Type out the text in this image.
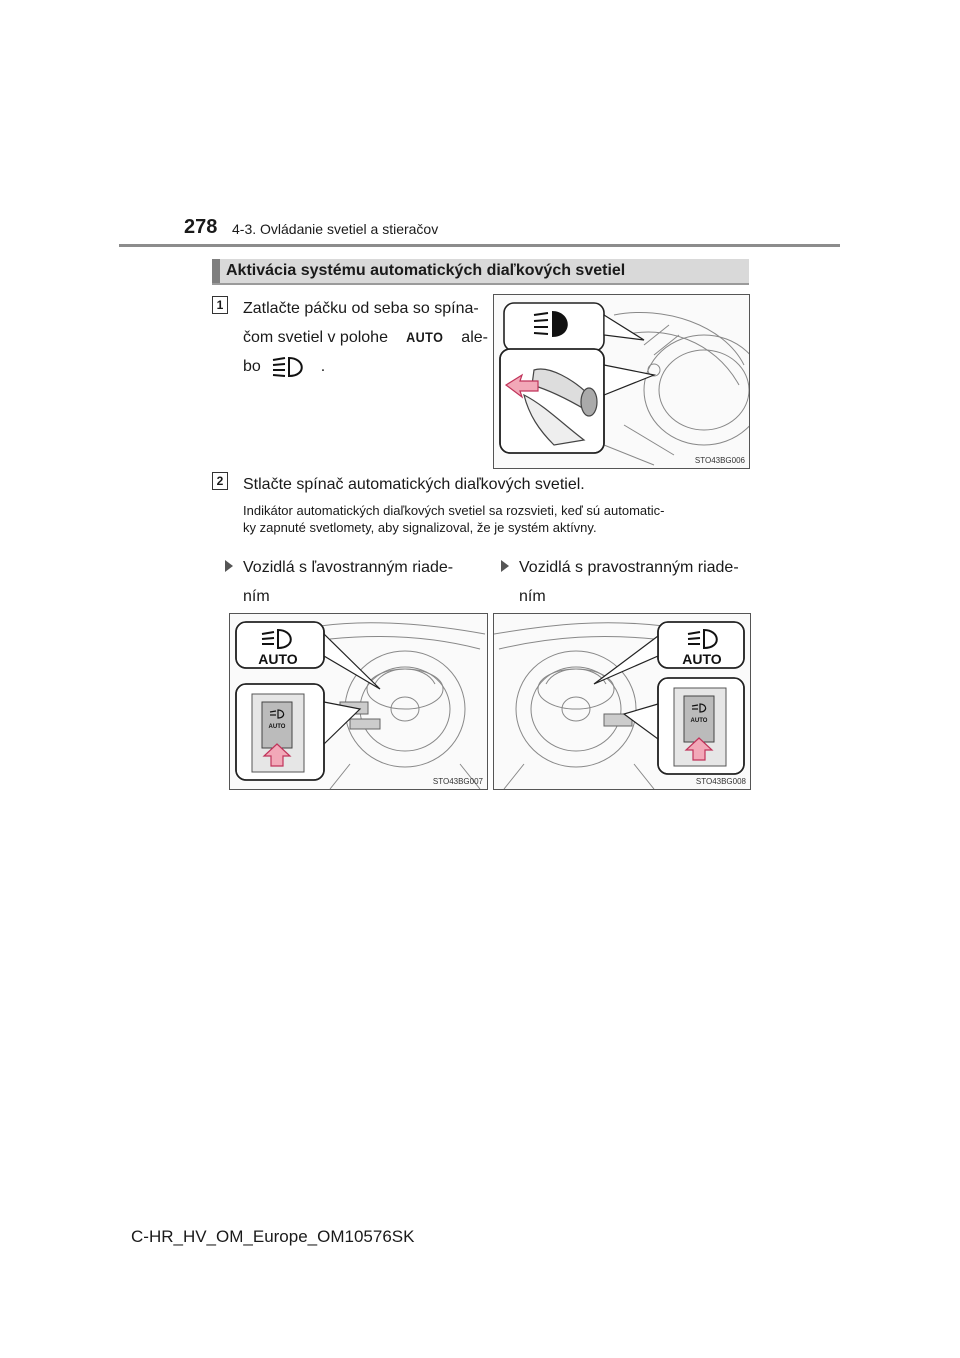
278 4-3. Ovládanie svetiel a stieračov
Aktivácia systému automatických diaľkových svetiel
1 Zatlačte páčku od seba so spína-
čom svetiel v polohe AUTO ale-
bo	.
STO43BG006
2 Stlačte spínač automatických diaľkových svetiel.
Indikátor automatických diaľkových svetiel sa rozsvieti, keď sú automatic-
ky zapnuté svetlomety, aby signalizoval, že je systém aktívny.
Vozidlá s ľavostranným riade-
ním
Vozidlá s pravostranným riade-
ním
AUTO
AUTO
STO43BG007
AUTO
AUTO
STO43BG008
C-HR_HV_OM_Europe_OM10576SK
